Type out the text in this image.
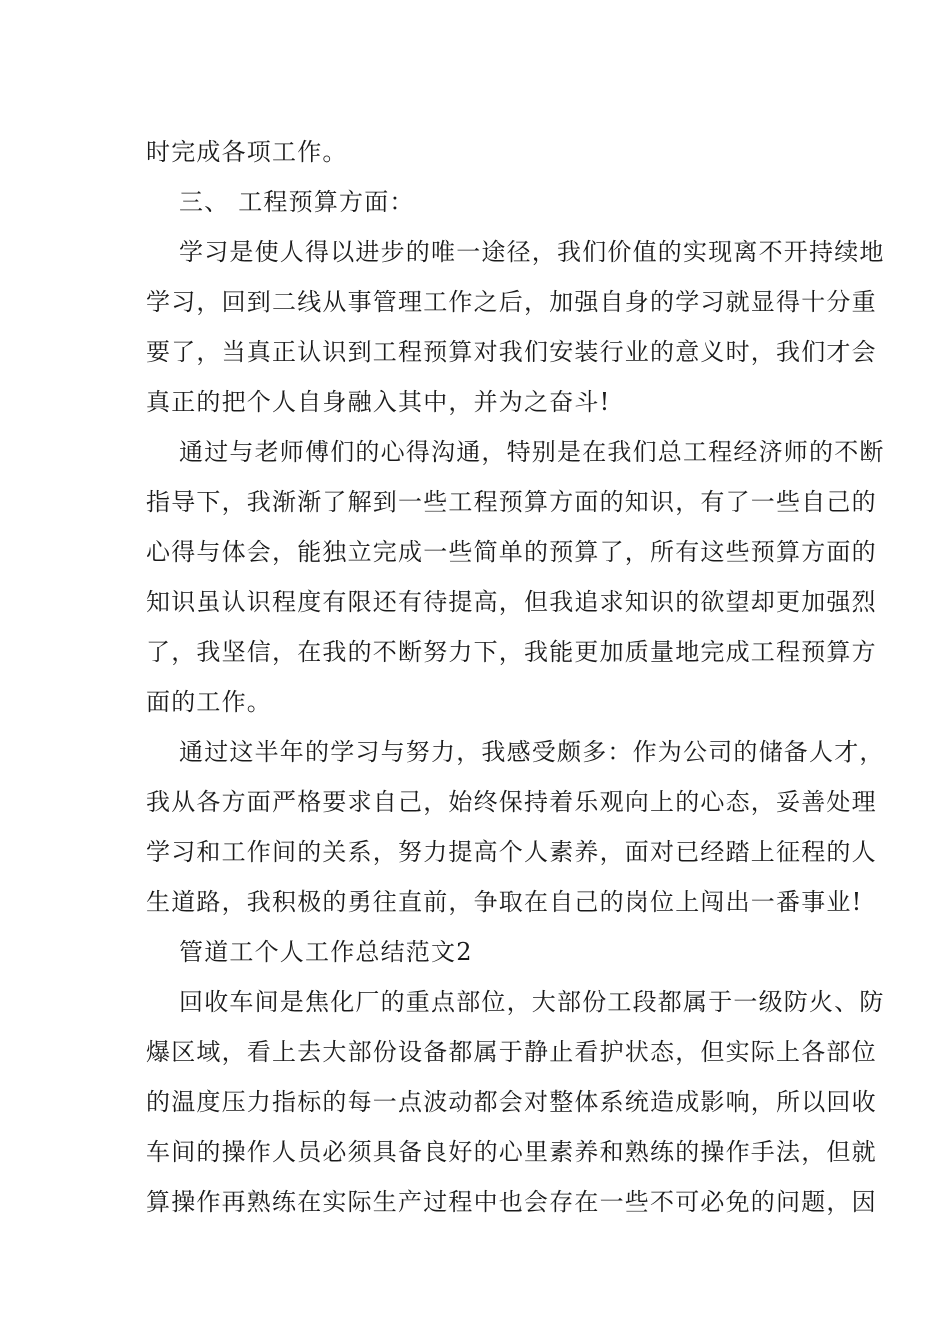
时完成各项工作。
三、 工程预算方面：
学习是使人得以进步的唯一途径，我们价值的实现离不开持续地
学习，回到二线从事管理工作之后，加强自身的学习就显得十分重
要了，当真正认识到工程预算对我们安装行业的意义时，我们才会
真正的把个人自身融入其中，并为之奋斗!
通过与老师傅们的心得沟通，特别是在我们总工程经济师的不断
指导下，我渐渐了解到一些工程预算方面的知识，有了一些自己的
心得与体会，能独立完成一些简单的预算了，所有这些预算方面的
知识虽认识程度有限还有待提高，但我追求知识的欲望却更加强烈
了，我坚信，在我的不断努力下，我能更加质量地完成工程预算方
面的工作。
通过这半年的学习与努力，我感受颇多：作为公司的储备人才，
我从各方面严格要求自己，始终保持着乐观向上的心态，妥善处理
学习和工作间的关系，努力提高个人素养，面对已经踏上征程的人
生道路，我积极的勇往直前，争取在自己的岗位上闯出一番事业!
管道工个人工作总结范文2
回收车间是焦化厂的重点部位，大部份工段都属于一级防火、防
爆区域，看上去大部份设备都属于静止看护状态，但实际上各部位
的温度压力指标的每一点波动都会对整体系统造成影响，所以回收
车间的操作人员必须具备良好的心里素养和熟练的操作手法，但就
算操作再熟练在实际生产过程中也会存在一些不可必免的问题，因
